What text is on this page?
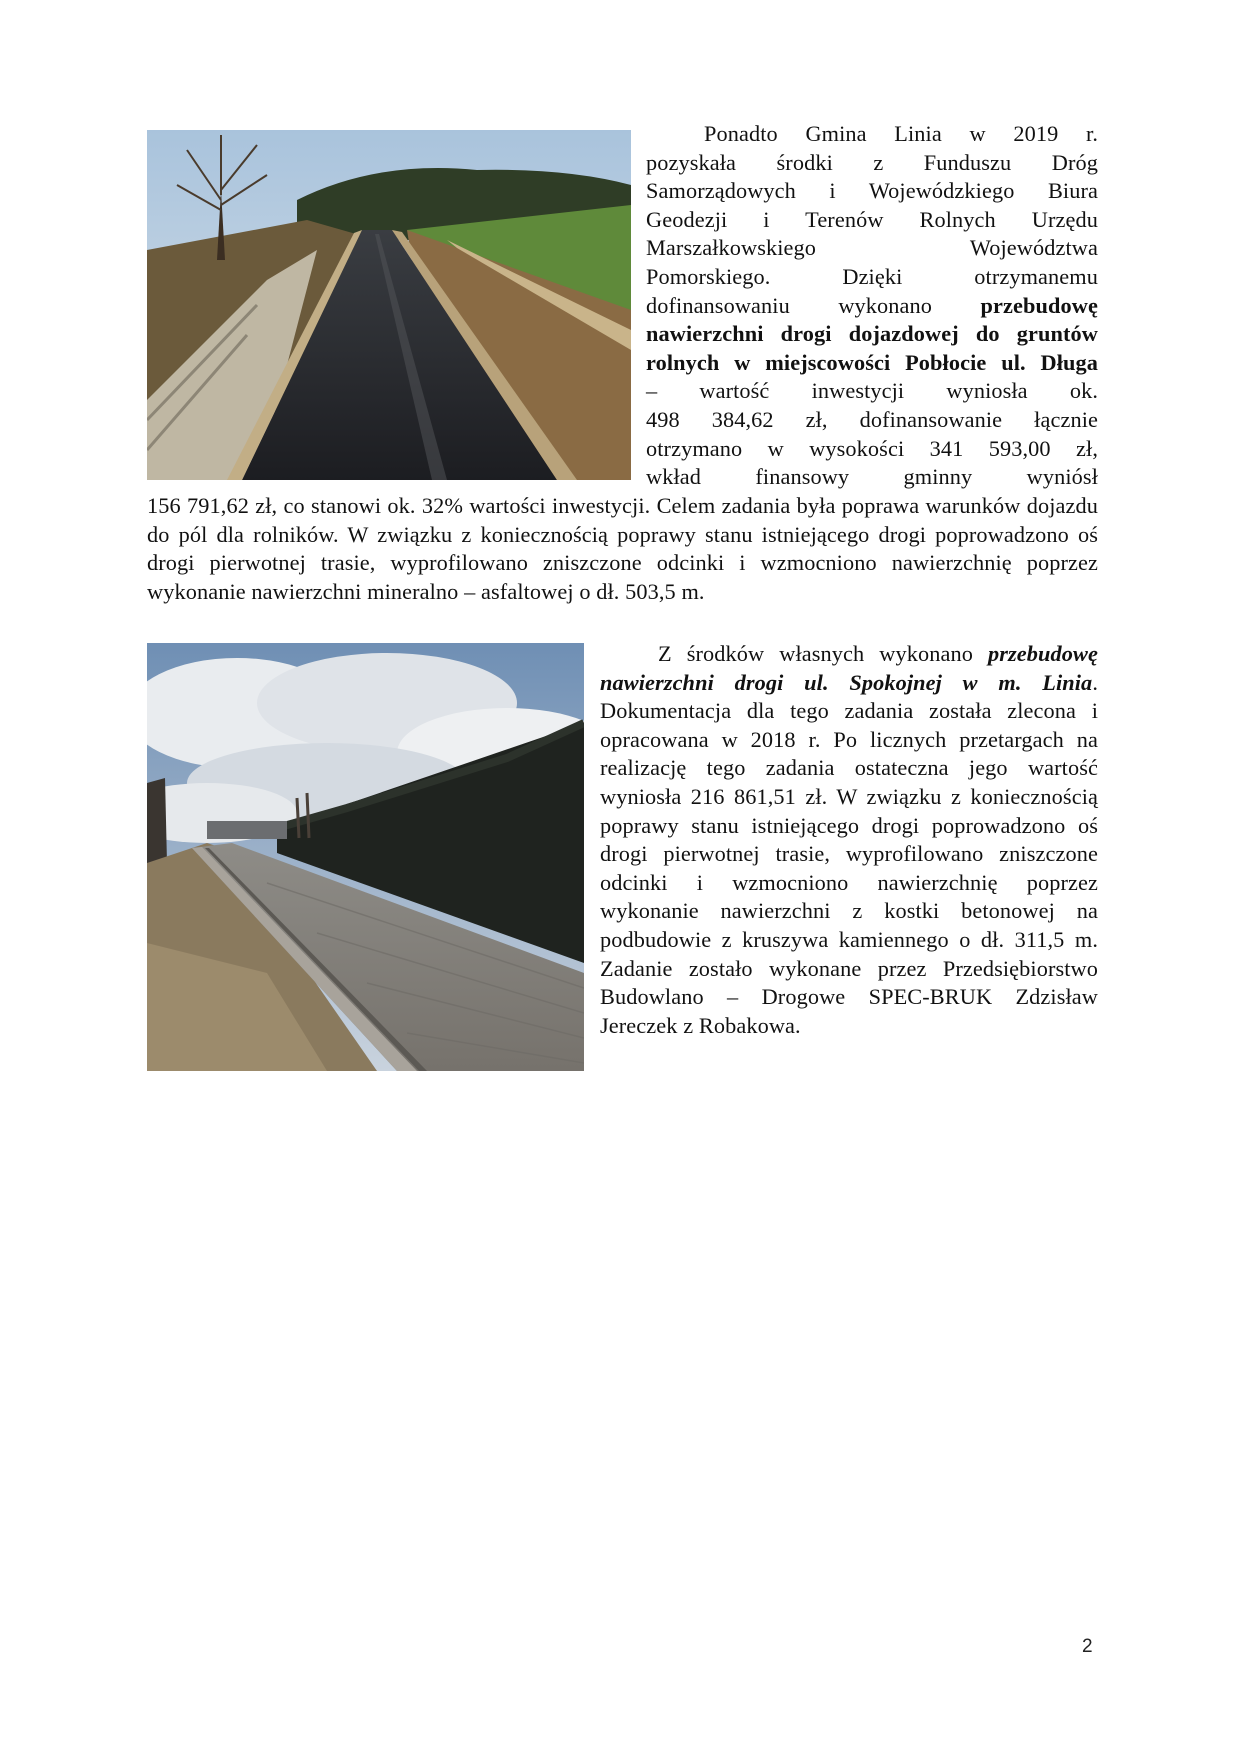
Ponadto Gmina Linia w 2019 r.

pozyskała środki z Funduszu Dróg

Samorządowych i Wojewódzkiego Biura

Geodezji i Terenów Rolnych Urzędu

Marszałkowskiego Województwa

Pomorskiego. Dzięki otrzymanemu

dofinansowaniu wykonano przebudowę

nawierzchni drogi dojazdowej do gruntów

rolnych w miejscowości Pobłocie ul. Długa

– wartość inwestycji wyniosła ok.

498 384,62 zł, dofinansowanie łącznie

otrzymano w wysokości 341 593,00 zł,

wkład finansowy gminny wyniósł

156 791,62 zł, co stanowi ok. 32% wartości inwestycji. Celem zadania była poprawa warunków dojazdu do pól dla rolników. W związku z koniecznością poprawy stanu istniejącego drogi poprowadzono oś drogi pierwotnej trasie, wyprofilowano zniszczone odcinki i wzmocniono nawierzchnię poprzez wykonanie nawierzchni mineralno – asfaltowej o dł. 503,5 m.

Z środków własnych wykonano przebudowę nawierzchni drogi ul. Spokojnej w m. Linia. Dokumentacja dla tego zadania została zlecona i opracowana w 2018 r. Po licznych przetargach na realizację tego zadania ostateczna jego wartość wyniosła 216 861,51 zł. W związku z koniecznością poprawy stanu istniejącego drogi poprowadzono oś drogi pierwotnej trasie, wyprofilowano zniszczone odcinki i wzmocniono nawierzchnię poprzez wykonanie nawierzchni z kostki betonowej na podbudowie z kruszywa kamiennego o dł. 311,5 m. Zadanie zostało wykonane przez Przedsiębiorstwo Budowlano – Drogowe SPEC-BRUK Zdzisław Jereczek z Robakowa.

2
